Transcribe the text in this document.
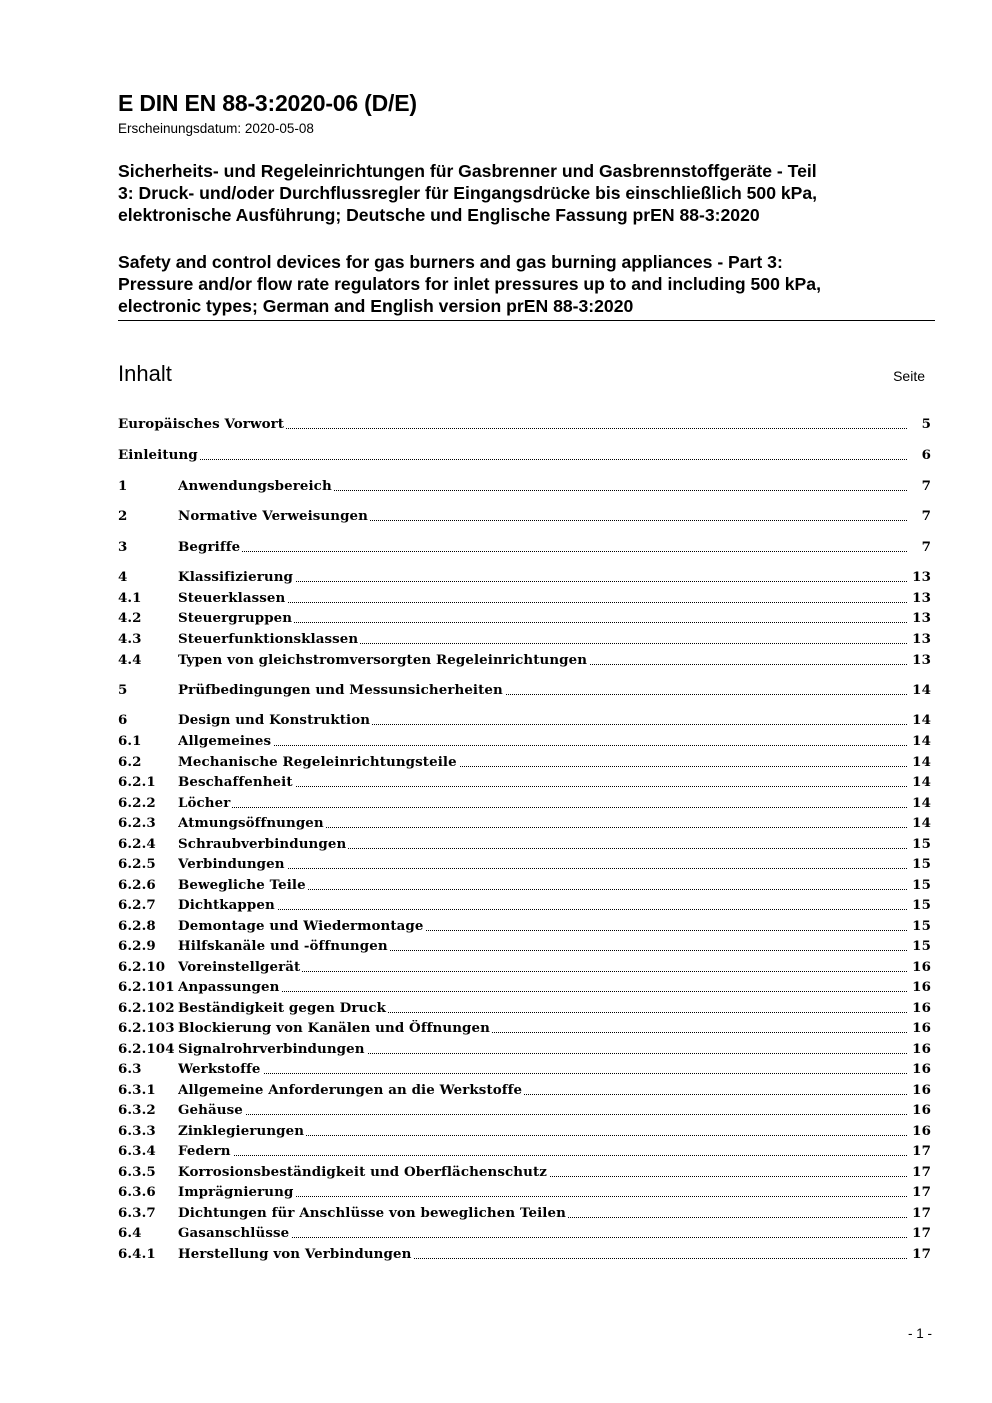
E DIN EN 88-3:2020-06 (D/E)
Erscheinungsdatum: 2020-05-08
Sicherheits- und Regeleinrichtungen für Gasbrenner und Gasbrennstoffgeräte - Teil
3: Druck- und/oder Durchflussregler für Eingangsdrücke bis einschließlich 500 kPa,
elektronische Ausführung; Deutsche und Englische Fassung prEN 88-3:2020
Safety and control devices for gas burners and gas burning appliances - Part 3:
Pressure and/or flow rate regulators for inlet pressures up to and including 500 kPa,
electronic types; German and English version prEN 88-3:2020
Inhalt	Seite
Europäisches Vorwort	5
Einleitung	6
1	Anwendungsbereich	7
2	Normative Verweisungen	7
3	Begriffe	7
4	Klassifizierung	13
4.1	Steuerklassen	13
4.2	Steuergruppen	13
4.3	Steuerfunktionsklassen	13
4.4	Typen von gleichstromversorgten Regeleinrichtungen	13
5	Prüfbedingungen und Messunsicherheiten	14
6	Design und Konstruktion	14
6.1	Allgemeines	14
6.2	Mechanische Regeleinrichtungsteile	14
6.2.1 Beschaffenheit	14
6.2.2 Löcher	14
6.2.3 Atmungsöffnungen	14
6.2.4 Schraubverbindungen	15
6.2.5 Verbindungen	15
6.2.6 Bewegliche Teile	15
6.2.7 Dichtkappen	15
6.2.8 Demontage und Wiedermontage	15
6.2.9 Hilfskanäle und -öffnungen	15
6.2.10 Voreinstellgerät	16
6.2.101 Anpassungen	16
6.2.102 Beständigkeit gegen Druck	16
6.2.103 Blockierung von Kanälen und Öffnungen	16
6.2.104 Signalrohrverbindungen	16
6.3	Werkstoffe	16
6.3.1 Allgemeine Anforderungen an die Werkstoffe	16
6.3.2 Gehäuse	16
6.3.3 Zinklegierungen	16
6.3.4 Federn	17
6.3.5 Korrosionsbeständigkeit und Oberflächenschutz	17
6.3.6 Imprägnierung	17
6.3.7 Dichtungen für Anschlüsse von beweglichen Teilen	17
6.4	Gasanschlüsse	17
6.4.1 Herstellung von Verbindungen	17
- 1 -
